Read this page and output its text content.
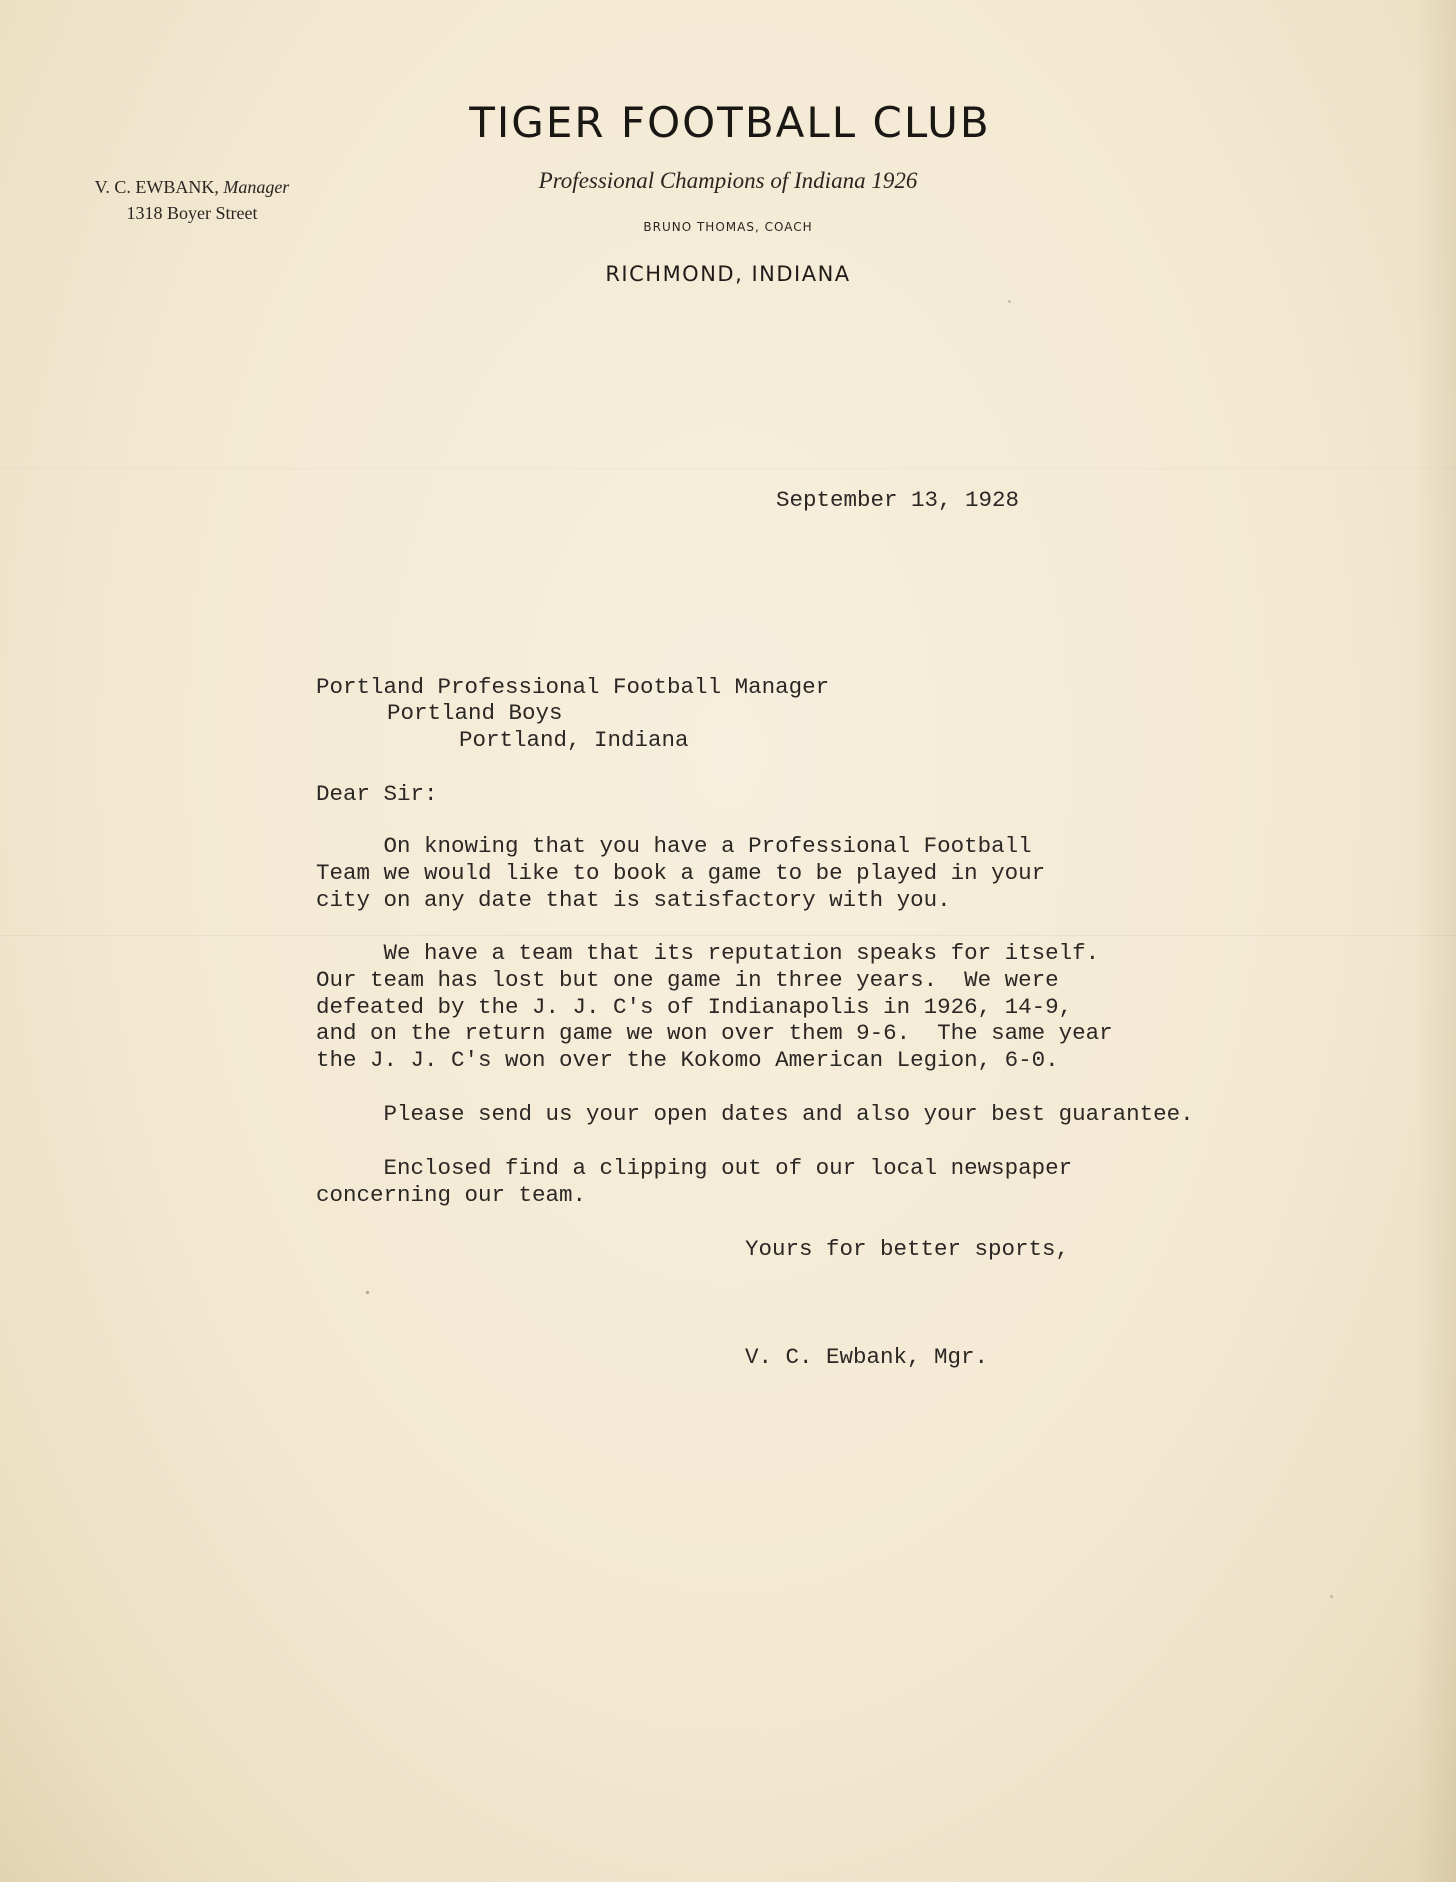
TIGER FOOTBALL CLUB
V. C. EWBANK, Manager
1318 Boyer Street
Professional Champions of Indiana 1926
BRUNO THOMAS, COACH
RICHMOND, INDIANA
September 13, 1928
Portland Professional Football Manager
Portland Boys
Portland, Indiana
Dear Sir:
On knowing that you have a Professional Football
Team we would like to book a game to be played in your
city on any date that is satisfactory with you.
We have a team that its reputation speaks for itself.
Our team has lost but one game in three years.  We were
defeated by the J. J. C's of Indianapolis in 1926, 14-9,
and on the return game we won over them 9-6.  The same year
the J. J. C's won over the Kokomo American Legion, 6-0.
Please send us your open dates and also your best guarantee.
Enclosed find a clipping out of our local newspaper
concerning our team.
Yours for better sports,
V. C. Ewbank, Mgr.
